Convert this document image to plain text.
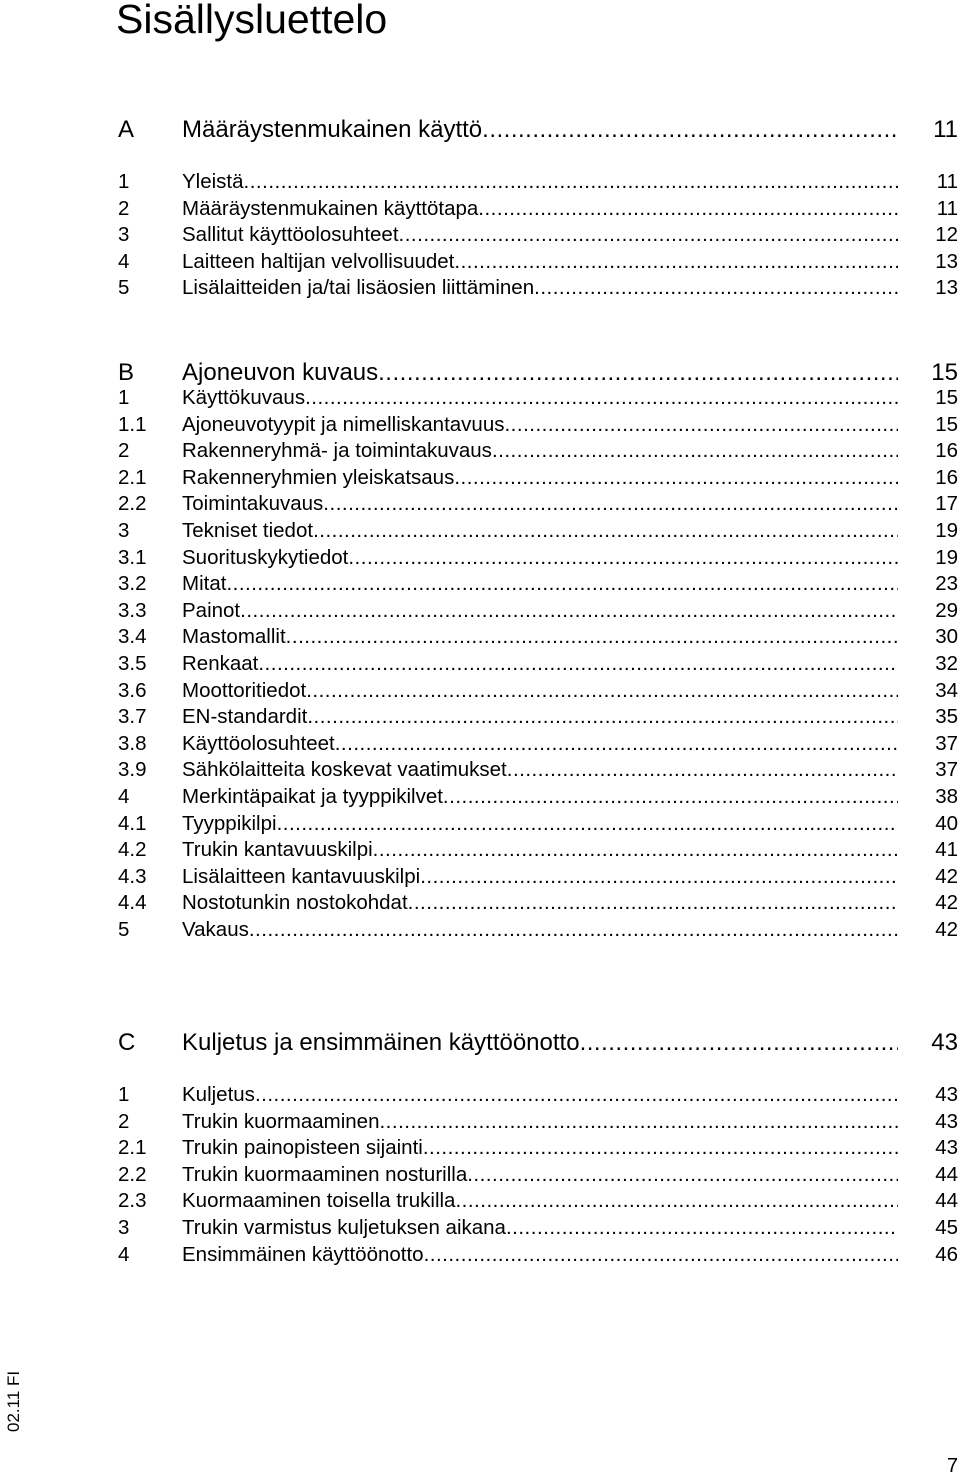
Sisällysluettelo
A Määräystenmukainen käyttö .....	11
1	Yleistä .....	11
2	Määräystenmukainen käyttötapa .....	11
3	Sallitut käyttöolosuhteet .....	12
4	Laitteen haltijan velvollisuudet .....	13
5	Lisälaitteiden ja/tai lisäosien liittäminen .....	13
B Ajoneuvon kuvaus .....	15
1	Käyttökuvaus .....	15
1.1 Ajoneuvotyypit ja nimelliskantavuus .....	15
2	Rakenneryhmä- ja toimintakuvaus .....	16
2.1 Rakenneryhmien yleiskatsaus .....	16
2.2 Toimintakuvaus .....	17
3	Tekniset tiedot .....	19
3.1 Suorituskykytiedot .....	19
3.2 Mitat .....	23
3.3 Painot .....	29
3.4 Mastomallit .....	30
3.5 Renkaat .....	32
3.6 Moottoritiedot .....	34
3.7 EN-standardit .....	35
3.8 Käyttöolosuhteet .....	37
3.9 Sähkölaitteita koskevat vaatimukset .....	37
4	Merkintäpaikat ja tyyppikilvet .....	38
4.1 Tyyppikilpi .....	40
4.2 Trukin kantavuuskilpi .....	41
4.3 Lisälaitteen kantavuuskilpi .....	42
4.4 Nostotunkin nostokohdat .....	42
5	Vakaus .....	42
C Kuljetus ja ensimmäinen käyttöönotto .....	43
1	Kuljetus .....	43
2	Trukin kuormaaminen .....	43
2.1 Trukin painopisteen sijainti .....	43
2.2 Trukin kuormaaminen nosturilla .....	44
2.3 Kuormaaminen toisella trukilla .....	44
3	Trukin varmistus kuljetuksen aikana .....	45
4	Ensimmäinen käyttöönotto .....	46
02.11 FI
7
